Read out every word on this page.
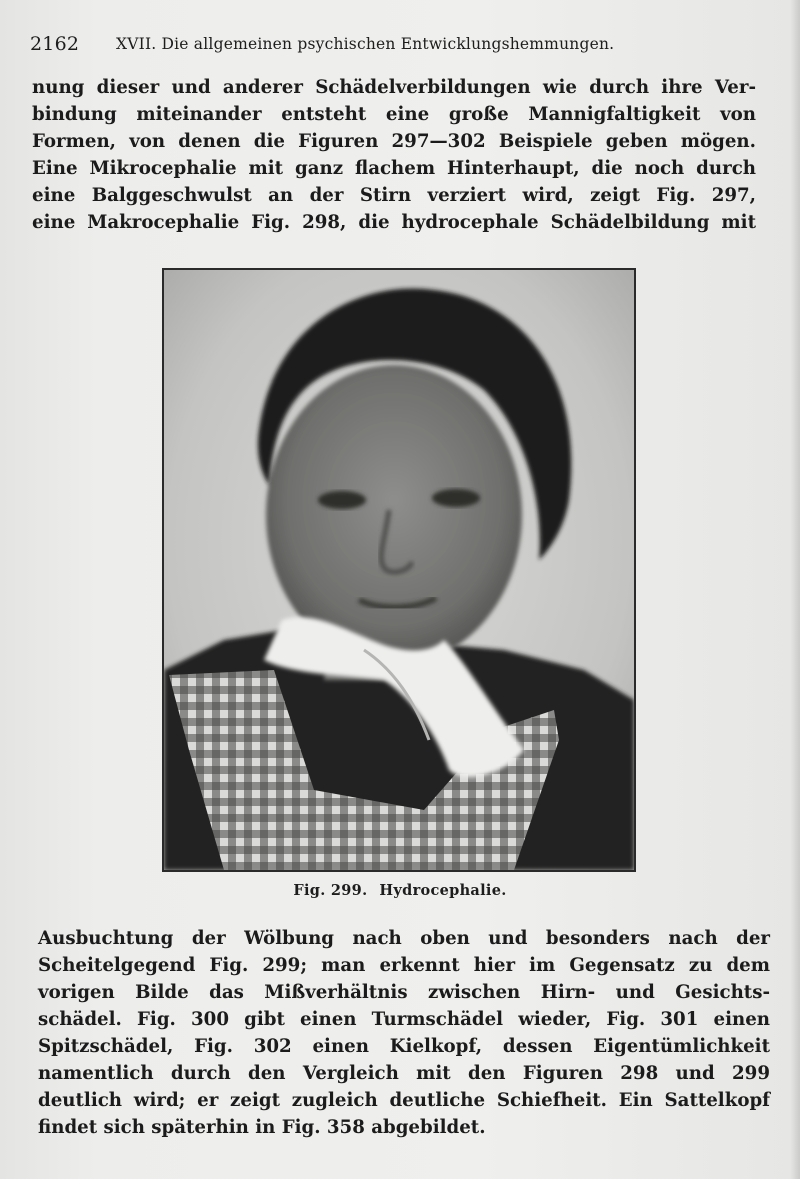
2162 XVII. Die allgemeinen psychischen Entwicklungshemmungen.
nung dieser und anderer Schädelverbildungen wie durch ihre Ver-
bindung miteinander entsteht eine große Mannigfaltigkeit von
Formen, von denen die Figuren 297—302 Beispiele geben mögen.
Eine Mikrocephalie mit ganz flachem Hinterhaupt, die noch durch
eine Balggeschwulst an der Stirn verziert wird, zeigt Fig. 297,
eine Makrocephalie Fig. 298, die hydrocephale Schädelbildung mit
Fig. 299. Hydrocephalie.
Ausbuchtung der Wölbung nach oben und besonders nach der
Scheitelgegend Fig. 299; man erkennt hier im Gegensatz zu dem
vorigen Bilde das Mißverhältnis zwischen Hirn- und Gesichts-
schädel. Fig. 300 gibt einen Turmschädel wieder, Fig. 301 einen
Spitzschädel, Fig. 302 einen Kielkopf, dessen Eigentümlichkeit
namentlich durch den Vergleich mit den Figuren 298 und 299
deutlich wird; er zeigt zugleich deutliche Schiefheit. Ein Sattelkopf
findet sich späterhin in Fig. 358 abgebildet.
